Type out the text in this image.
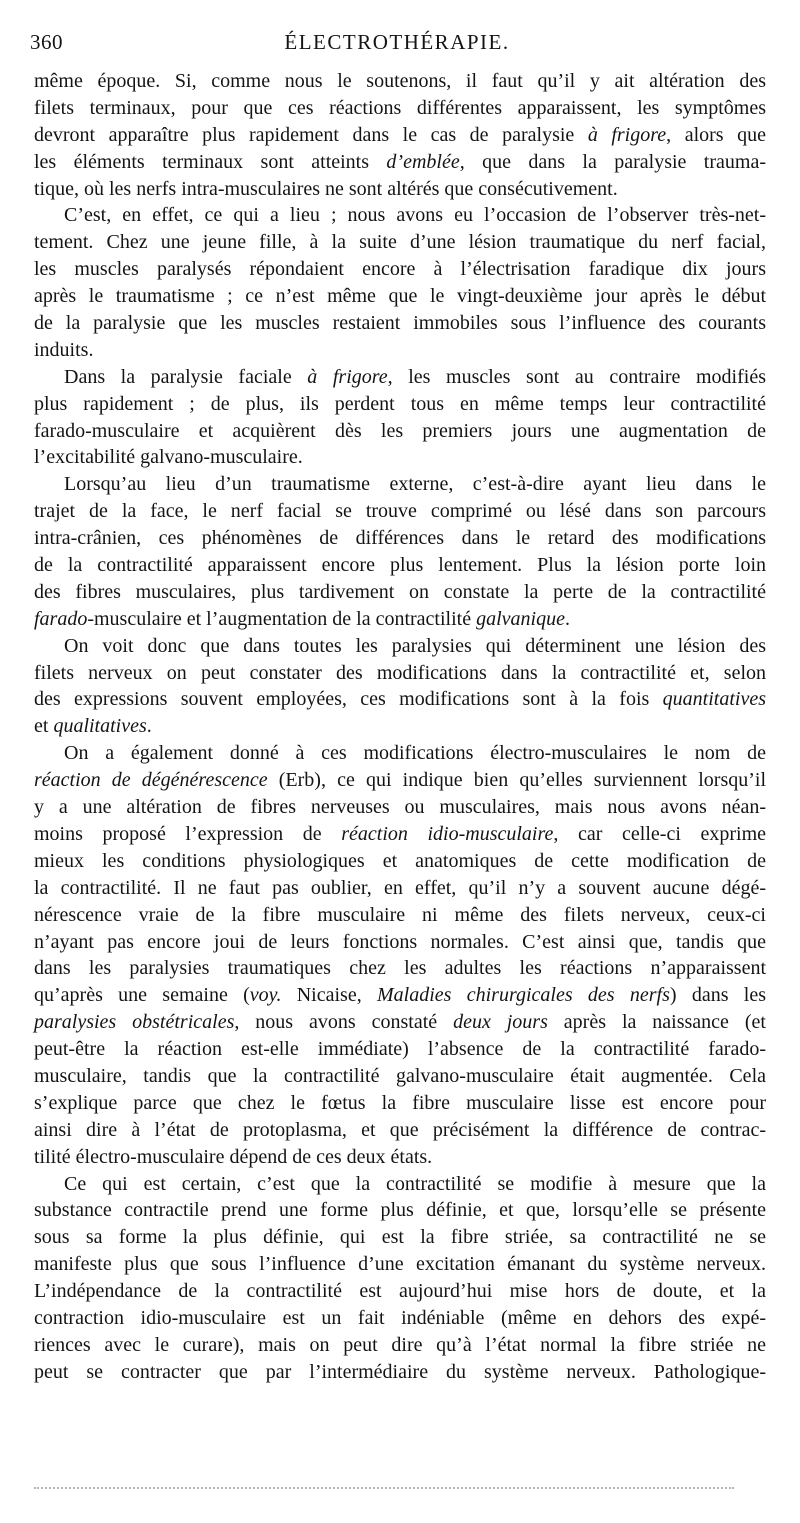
360	ÉLECTROTHÉRAPIE.
même époque. Si, comme nous le soutenons, il faut qu’il y ait altération des
filets terminaux, pour que ces réactions différentes apparaissent, les symptômes
devront apparaître plus rapidement dans le cas de paralysie à frigore, alors que
les éléments terminaux sont atteints d’emblée, que dans la paralysie trauma-
tique, où les nerfs intra-musculaires ne sont altérés que consécutivement.
C’est, en effet, ce qui a lieu ; nous avons eu l’occasion de l’observer très-net-
tement. Chez une jeune fille, à la suite d’une lésion traumatique du nerf facial,
les muscles paralysés répondaient encore à l’électrisation faradique dix jours
après le traumatisme ; ce n’est même que le vingt-deuxième jour après le début
de la paralysie que les muscles restaient immobiles sous l’influence des courants
induits.
Dans la paralysie faciale à frigore, les muscles sont au contraire modifiés
plus rapidement ; de plus, ils perdent tous en même temps leur contractilité
farado-musculaire et acquièrent dès les premiers jours une augmentation de
l’excitabilité galvano-musculaire.
Lorsqu’au lieu d’un traumatisme externe, c’est-à-dire ayant lieu dans le
trajet de la face, le nerf facial se trouve comprimé ou lésé dans son parcours
intra-crânien, ces phénomènes de différences dans le retard des modifications
de la contractilité apparaissent encore plus lentement. Plus la lésion porte loin
des fibres musculaires, plus tardivement on constate la perte de la contractilité
farado-musculaire et l’augmentation de la contractilité galvanique.
On voit donc que dans toutes les paralysies qui déterminent une lésion des
filets nerveux on peut constater des modifications dans la contractilité et, selon
des expressions souvent employées, ces modifications sont à la fois quantitatives
et qualitatives.
On a également donné à ces modifications électro-musculaires le nom de
réaction de dégénérescence (Erb), ce qui indique bien qu’elles surviennent lorsqu’il
y a une altération de fibres nerveuses ou musculaires, mais nous avons néan-
moins proposé l’expression de réaction idio-musculaire, car celle-ci exprime
mieux les conditions physiologiques et anatomiques de cette modification de
la contractilité. Il ne faut pas oublier, en effet, qu’il n’y a souvent aucune dégé-
nérescence vraie de la fibre musculaire ni même des filets nerveux, ceux-ci
n’ayant pas encore joui de leurs fonctions normales. C’est ainsi que, tandis que
dans les paralysies traumatiques chez les adultes les réactions n’apparaissent
qu’après une semaine (voy. Nicaise, Maladies chirurgicales des nerfs) dans les
paralysies obstétricales, nous avons constaté deux jours après la naissance (et
peut-être la réaction est-elle immédiate) l’absence de la contractilité farado-
musculaire, tandis que la contractilité galvano-musculaire était augmentée. Cela
s’explique parce que chez le fœtus la fibre musculaire lisse est encore pour
ainsi dire à l’état de protoplasma, et que précisément la différence de contrac-
tilité électro-musculaire dépend de ces deux états.
Ce qui est certain, c’est que la contractilité se modifie à mesure que la
substance contractile prend une forme plus définie, et que, lorsqu’elle se présente
sous sa forme la plus définie, qui est la fibre striée, sa contractilité ne se
manifeste plus que sous l’influence d’une excitation émanant du système nerveux.
L’indépendance de la contractilité est aujourd’hui mise hors de doute, et la
contraction idio-musculaire est un fait indéniable (même en dehors des expé-
riences avec le curare), mais on peut dire qu’à l’état normal la fibre striée ne
peut se contracter que par l’intermédiaire du système nerveux. Pathologique-
